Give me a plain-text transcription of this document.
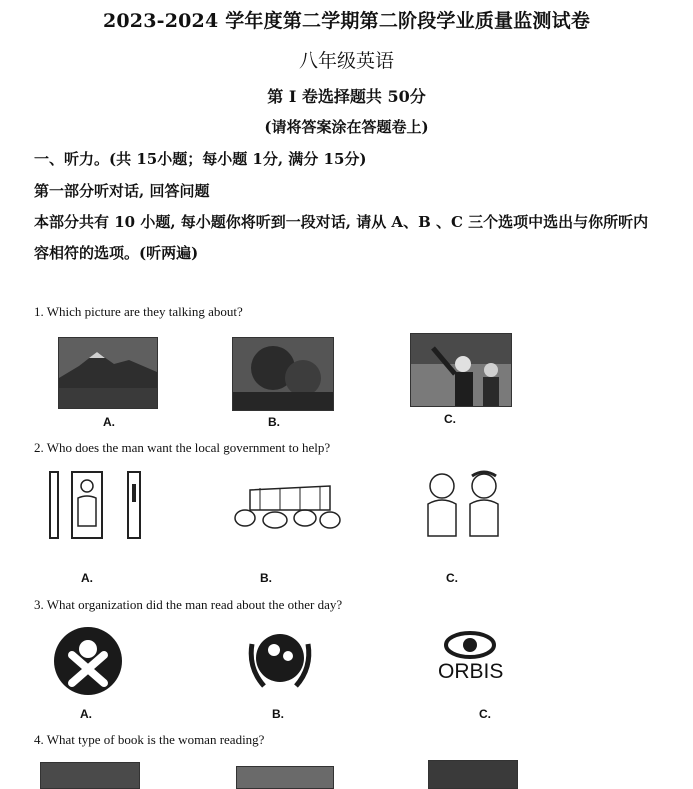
2023-2024 学年度第二学期第二阶段学业质量监测试卷
八年级英语
第 I 卷选择题共 50分
(请将答案涂在答题卷上)
一、听力。(共 15小题；每小题 1分, 满分 15分)
第一部分听对话, 回答问题
本部分共有 10 小题, 每小题你将听到一段对话, 请从 A、B 、C 三个选项中选出与你所听内
容相符的选项。(听两遍)
1. Which picture are they talking about?
A.	B.	C.
2. Who does the man want the local government to help?
A.	B.	C.
3. What organization did the man read about the other day?
A.	B.
ORBIS
C.
4. What type of book is the woman reading?
